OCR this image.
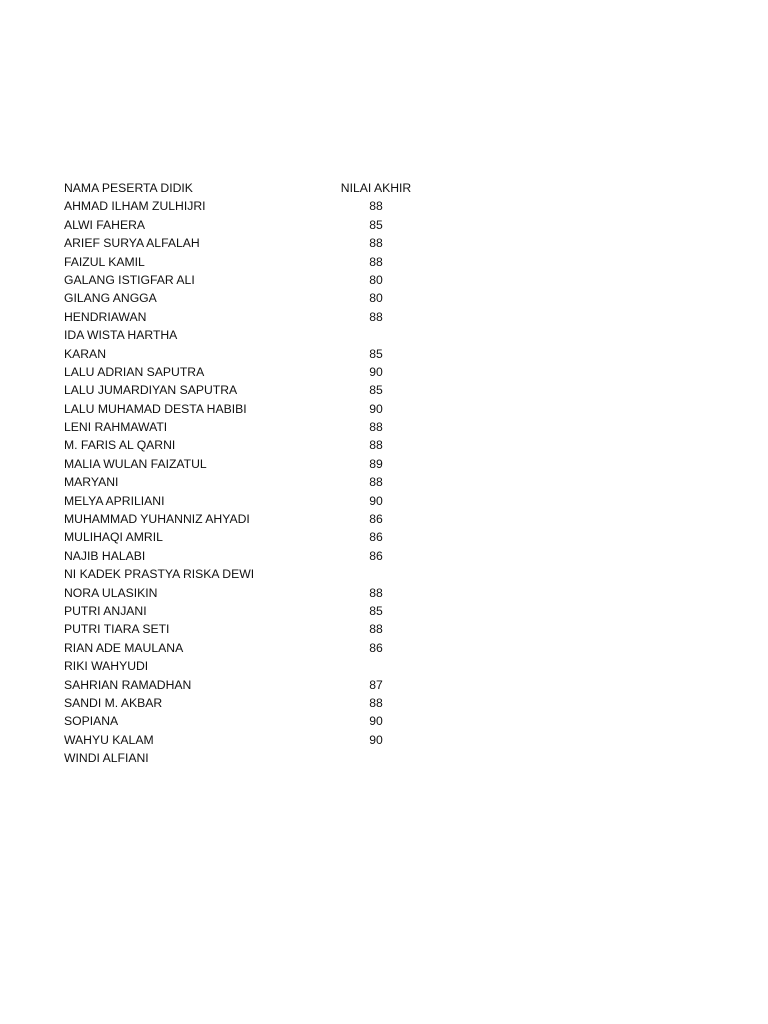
NAMA PESERTA DIDIK	NILAI AKHIR
AHMAD ILHAM ZULHIJRI	88
ALWI FAHERA	85
ARIEF SURYA ALFALAH	88
FAIZUL KAMIL	88
GALANG ISTIGFAR ALI	80
GILANG ANGGA	80
HENDRIAWAN	88
IDA WISTA HARTHA
KARAN	85
LALU ADRIAN SAPUTRA	90
LALU JUMARDIYAN SAPUTRA	85
LALU MUHAMAD DESTA HABIBI	90
LENI RAHMAWATI	88
M. FARIS AL QARNI	88
MALIA WULAN FAIZATUL	89
MARYANI	88
MELYA APRILIANI	90
MUHAMMAD YUHANNIZ AHYADI	86
MULIHAQI AMRIL	86
NAJIB HALABI	86
NI KADEK PRASTYA RISKA DEWI
NORA ULASIKIN	88
PUTRI ANJANI	85
PUTRI TIARA SETI	88
RIAN ADE MAULANA	86
RIKI WAHYUDI
SAHRIAN RAMADHAN	87
SANDI M. AKBAR	88
SOPIANA	90
WAHYU KALAM	90
WINDI ALFIANI
